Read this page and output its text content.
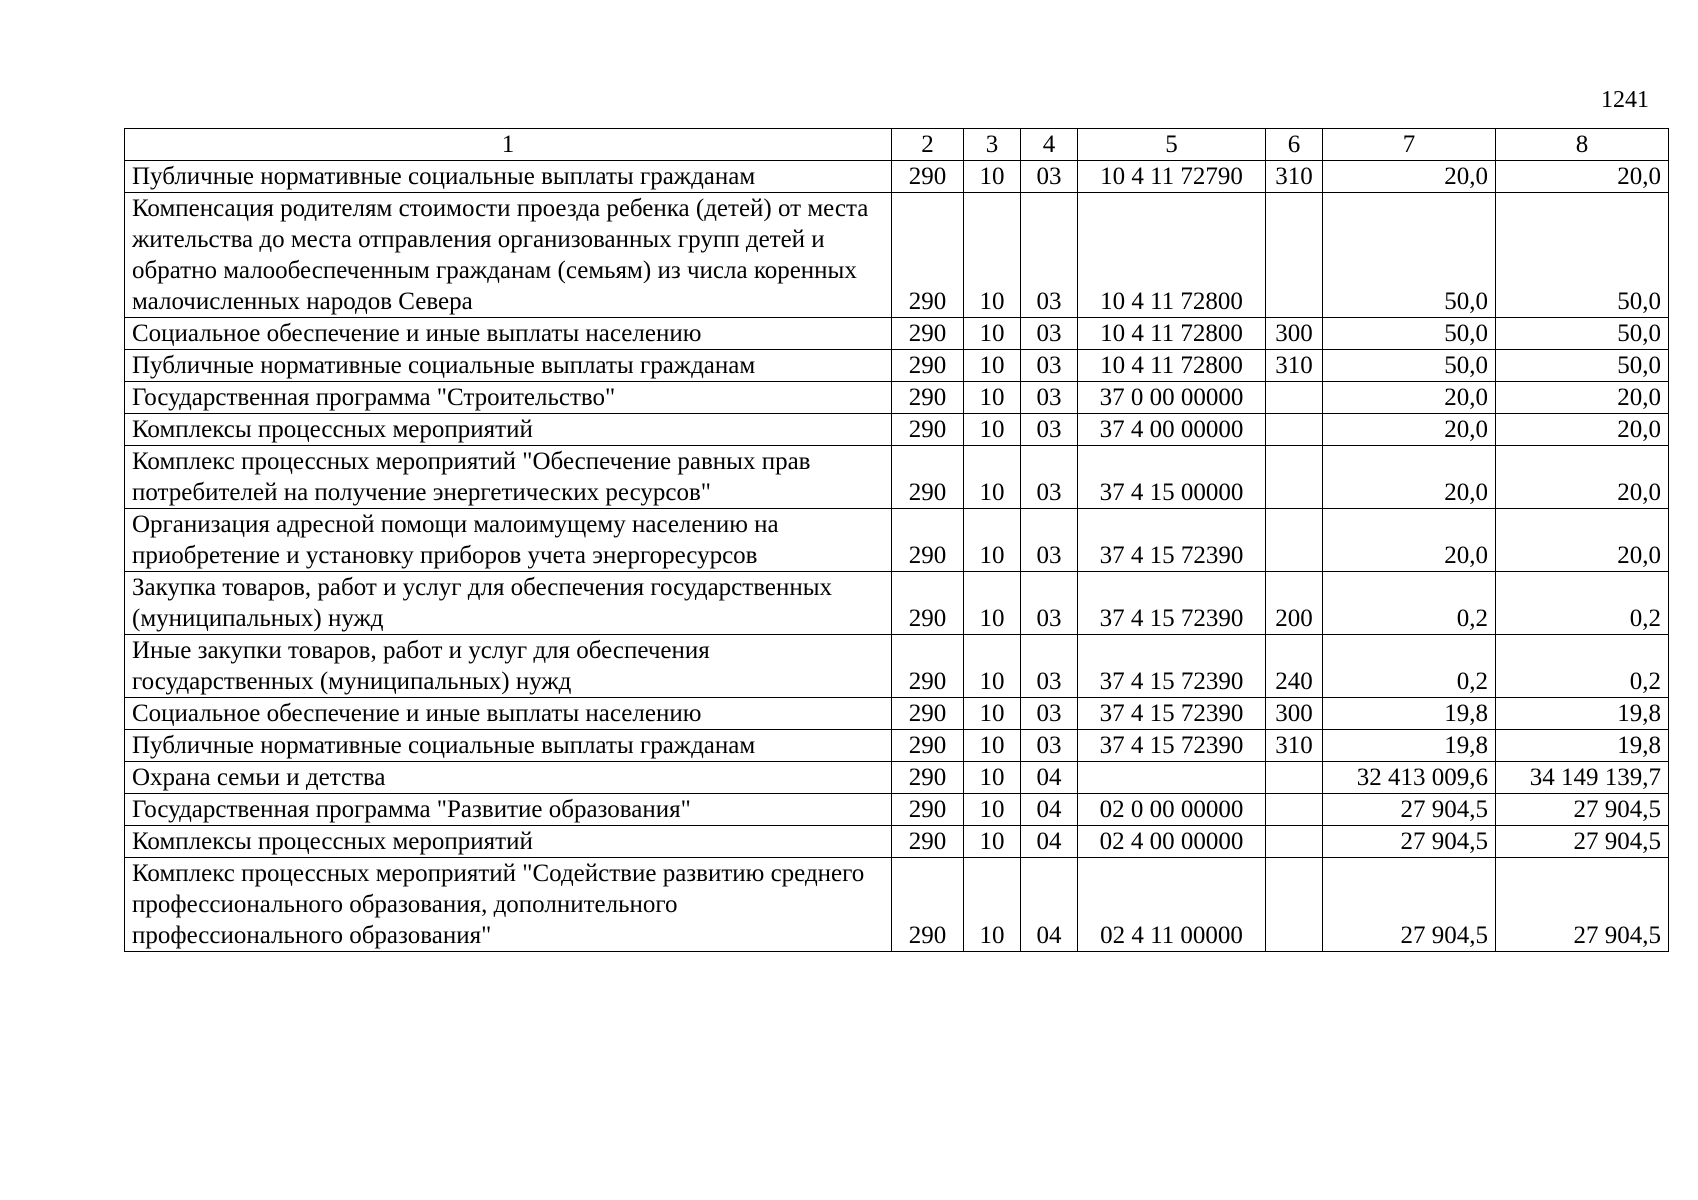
1241
1	2	3	4	5	6	7	8
Публичные нормативные социальные выплаты гражданам	290	10	03	10 4 11 72790	310	20,0	20,0
Компенсация родителям стоимости проезда ребенка (детей) от места жительства до места отправления организованных групп детей и обратно малообеспеченным гражданам (семьям) из числа коренных малочисленных народов Севера	290	10	03	10 4 11 72800		50,0	50,0
Социальное обеспечение и иные выплаты населению	290	10	03	10 4 11 72800	300	50,0	50,0
Публичные нормативные социальные выплаты гражданам	290	10	03	10 4 11 72800	310	50,0	50,0
Государственная программа "Строительство"	290	10	03	37 0 00 00000		20,0	20,0
Комплексы процессных мероприятий	290	10	03	37 4 00 00000		20,0	20,0
Комплекс процессных мероприятий "Обеспечение равных прав потребителей на получение энергетических ресурсов"	290	10	03	37 4 15 00000		20,0	20,0
Организация адресной помощи малоимущему населению на приобретение и установку приборов учета энергоресурсов	290	10	03	37 4 15 72390		20,0	20,0
Закупка товаров, работ и услуг для обеспечения государственных (муниципальных) нужд	290	10	03	37 4 15 72390	200	0,2	0,2
Иные закупки товаров, работ и услуг для обеспечения государственных (муниципальных) нужд	290	10	03	37 4 15 72390	240	0,2	0,2
Социальное обеспечение и иные выплаты населению	290	10	03	37 4 15 72390	300	19,8	19,8
Публичные нормативные социальные выплаты гражданам	290	10	03	37 4 15 72390	310	19,8	19,8
Охрана семьи и детства	290	10	04			32 413 009,6	34 149 139,7
Государственная программа "Развитие образования"	290	10	04	02 0 00 00000		27 904,5	27 904,5
Комплексы процессных мероприятий	290	10	04	02 4 00 00000		27 904,5	27 904,5
Комплекс процессных мероприятий "Содействие развитию среднего профессионального образования, дополнительного профессионального образования"	290	10	04	02 4 11 00000		27 904,5	27 904,5
